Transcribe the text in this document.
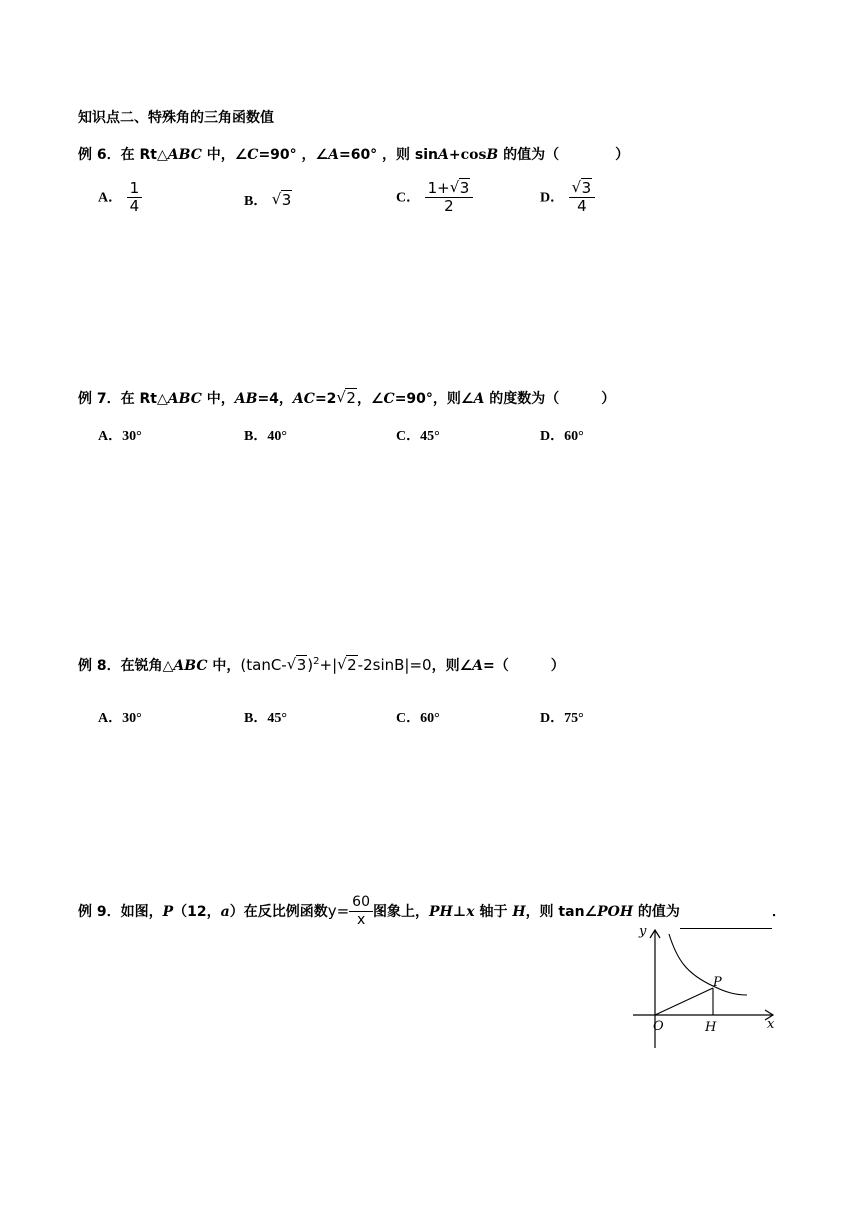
知识点二、特殊角的三角函数值
例 6．在 Rt△ABC 中，∠C=90° ，∠A=60° ，则 sinA+cosB 的值为（　　　　）
A． $\frac{1}{4}$	B． √ 3	C． $\frac{1+ √ 3}{2}$	D． $\frac{√ 3}{4}$
例 7．在 Rt△ABC 中，AB=4，AC=2 √ 2，∠C=90°，则∠A 的度数为（　　　）
A．30°	B．40°	C．45°	D．60°
例 8．在锐角△ABC 中，(tanC- √ 3)$^2$+| √ 2-2sinB|=0，则∠A=（　　　）
A．30°	B．45°	C．60°	D．75°
例 9．如图，P（12，a）在反比例函数$y= \frac{60}{x}$ 图象上，PH⊥x 轴于 H，则 tan∠POH 的值为	．
y
x
O
P
H
